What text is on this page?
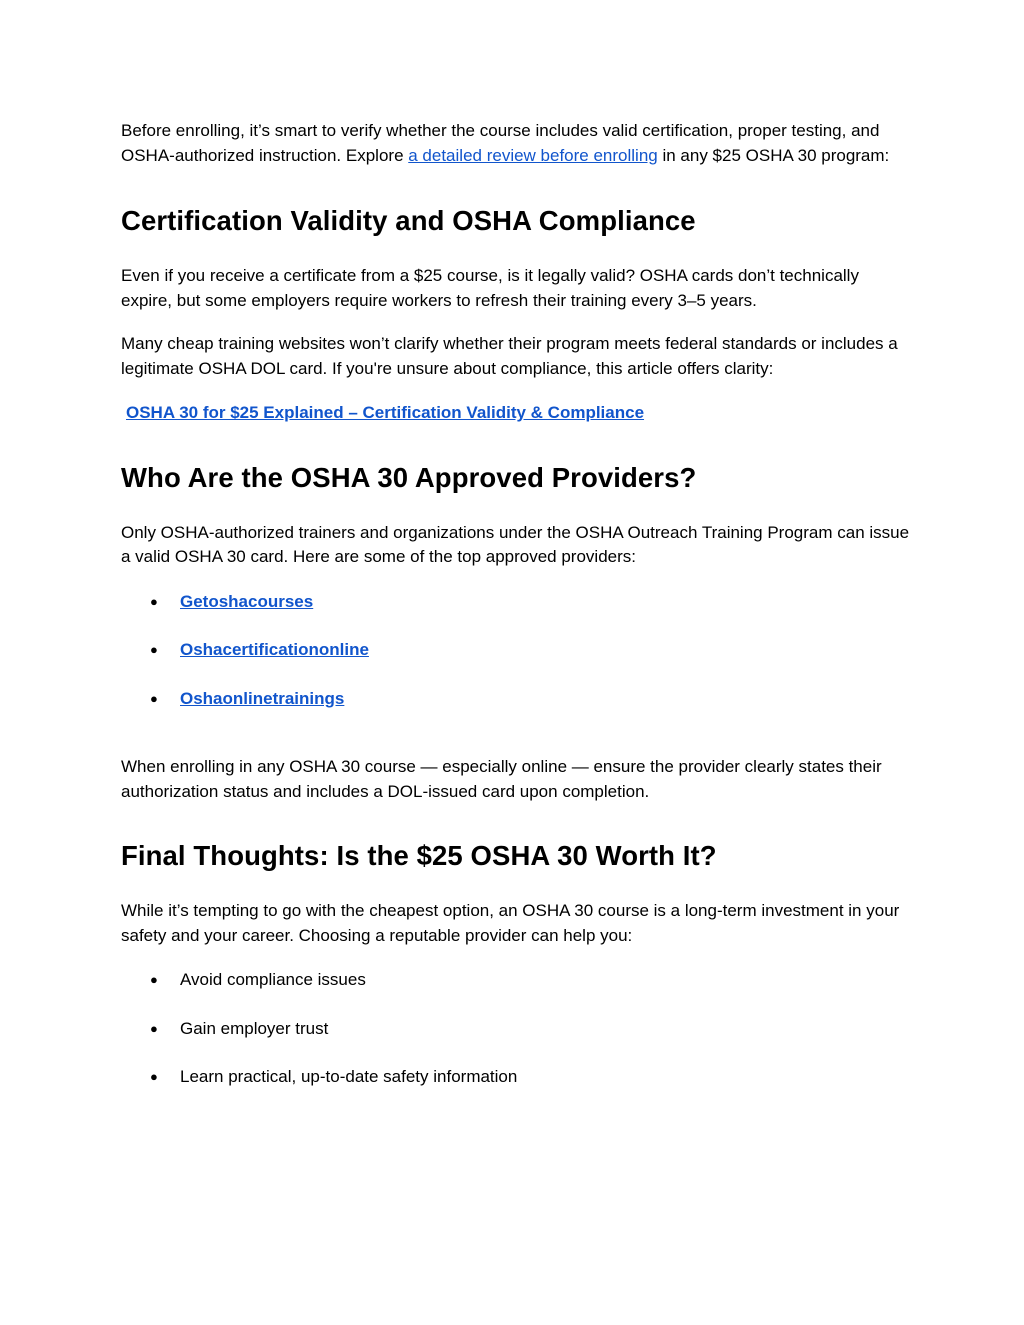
Before enrolling, it’s smart to verify whether the course includes valid certification, proper testing, and OSHA-authorized instruction. Explore a detailed review before enrolling in any $25 OSHA 30 program:

Certification Validity and OSHA Compliance

Even if you receive a certificate from a $25 course, is it legally valid? OSHA cards don’t technically expire, but some employers require workers to refresh their training every 3–5 years.

Many cheap training websites won’t clarify whether their program meets federal standards or includes a legitimate OSHA DOL card. If you're unsure about compliance, this article offers clarity:

OSHA 30 for $25 Explained – Certification Validity & Compliance

Who Are the OSHA 30 Approved Providers?

Only OSHA-authorized trainers and organizations under the OSHA Outreach Training Program can issue a valid OSHA 30 card. Here are some of the top approved providers:

● Getoshacourses
● Oshacertificationonline
● Oshaonlinetrainings

When enrolling in any OSHA 30 course — especially online — ensure the provider clearly states their authorization status and includes a DOL-issued card upon completion.

Final Thoughts: Is the $25 OSHA 30 Worth It?

While it’s tempting to go with the cheapest option, an OSHA 30 course is a long-term investment in your safety and your career. Choosing a reputable provider can help you:

● Avoid compliance issues
● Gain employer trust
● Learn practical, up-to-date safety information
